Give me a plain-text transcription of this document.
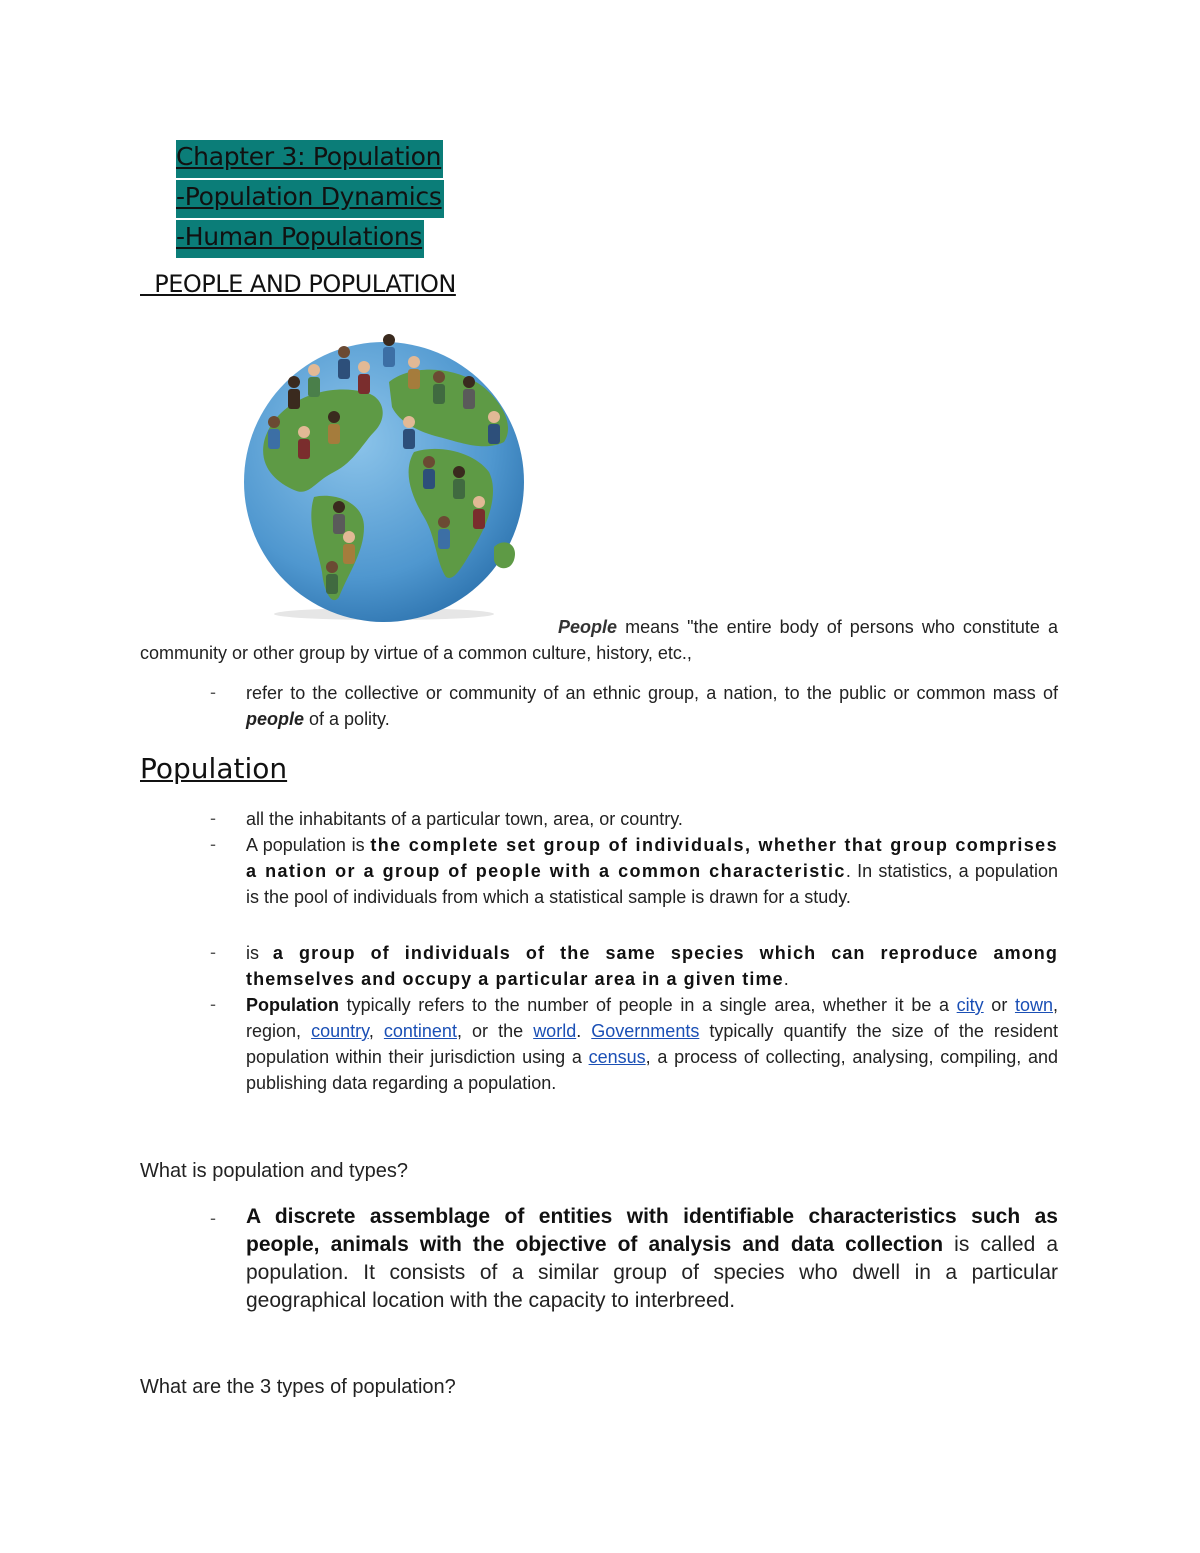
Chapter 3: Population
-Population Dynamics
-Human Populations
PEOPLE AND POPULATION
People means "the entire body of persons who constitute a community or other group by virtue of a common culture, history, etc.,
- refer to the collective or community of an ethnic group, a nation, to the public or common mass of people of a polity.
Population
- all the inhabitants of a particular town, area, or country.
- A population is the complete set group of individuals, whether that group comprises a nation or a group of people with a common characteristic. In statistics, a population is the pool of individuals from which a statistical sample is drawn for a study.
- is a group of individuals of the same species which can reproduce among themselves and occupy a particular area in a given time.
- Population typically refers to the number of people in a single area, whether it be a city or town, region, country, continent, or the world. Governments typically quantify the size of the resident population within their jurisdiction using a census, a process of collecting, analysing, compiling, and publishing data regarding a population.
What is population and types?
- A discrete assemblage of entities with identifiable characteristics such as people, animals with the objective of analysis and data collection is called a population. It consists of a similar group of species who dwell in a particular geographical location with the capacity to interbreed.
What are the 3 types of population?
